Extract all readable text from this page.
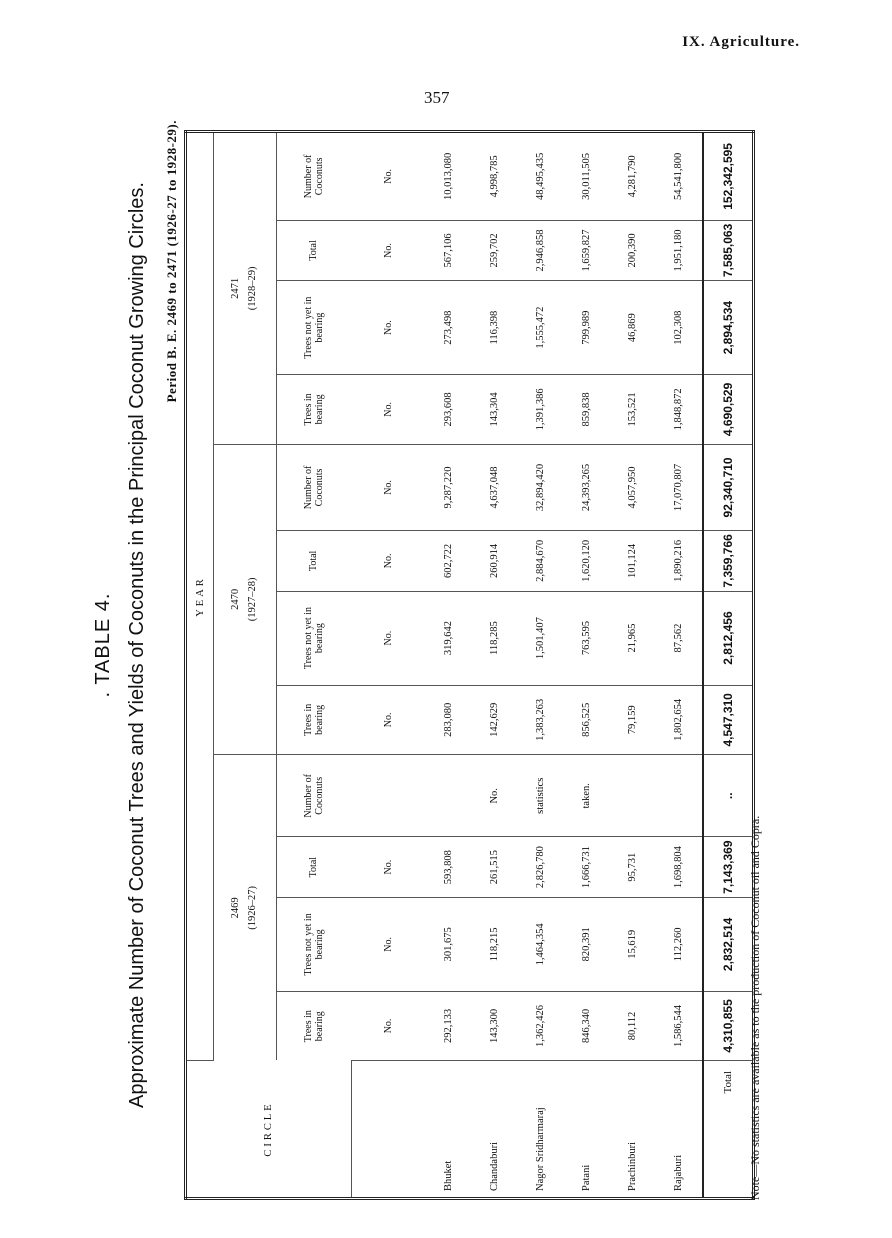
IX. Agriculture.
357
. TABLE 4. Approximate Number of Coconut Trees and Yields of Coconuts in the Principal Coconut Growing Circles. Period B. E. 2469 to 2471 (1926-27 to 1928-29).
CIRCLE	YEAR											
	2469 (1926–27)				2470 (1927–28)				2471 (1928–29)			
	Trees in bearing	Trees not yet in bearing	Total	Number of Coconuts	Trees in bearing	Trees not yet in bearing	Total	Number of Coconuts	Trees in bearing	Trees not yet in bearing	Total	Number of Coconuts
	No.	No.	No.		No.	No.	No.	No.	No.	No.	No.	No.
Bhuket	292,133	301,675	593,808		283,080	319,642	602,722	9,287,220	293,608	273,498	567,106	10,013,080
Chandaburi	143,300	118,215	261,515	No.	142,629	118,285	260,914	4,637,048	143,304	116,398	259,702	4,998,785
Nagor Sridharmaraj	1,362,426	1,464,354	2,826,780	statistics	1,383,263	1,501,407	2,884,670	32,894,420	1,391,386	1,555,472	2,946,858	48,495,435
Patani	846,340	820,391	1,666,731	taken.	856,525	763,595	1,620,120	24,393,265	859,838	799,989	1,659,827	30,011,505
Prachinburi	80,112	15,619	95,731		79,159	21,965	101,124	4,057,950	153,521	46,869	200,390	4,281,790
Rajaburi	1,586,544	112,260	1,698,804		1,802,654	87,562	1,890,216	17,070,807	1,848,872	102,308	1,951,180	54,541,800
Total	4,310,855	2,832,514	7,143,369	..	4,547,310	2,812,456	7,359,766	92,340,710	4,690,529	2,894,534	7,585,063	152,342,595
Note—No statistics are available as to the production of Coconut oil and Copra.
